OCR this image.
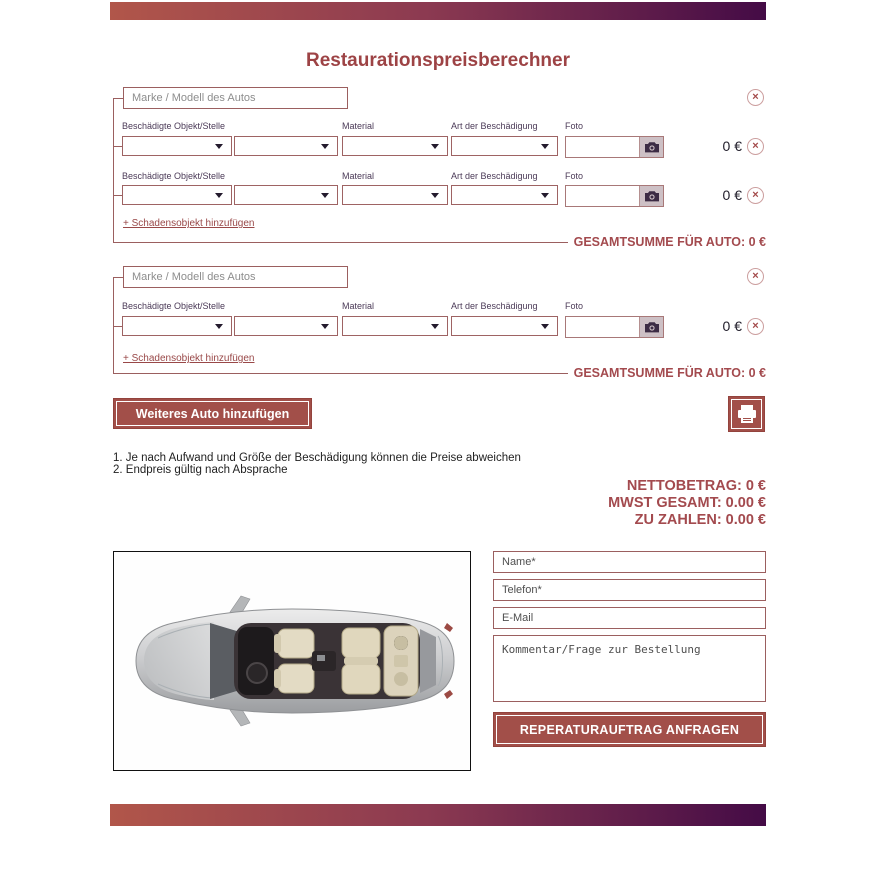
Restaurationspreisberechner
Marke / Modell des Autos
×
Beschädigte Objekt/Stelle	Material	Art der Beschädigung	Foto
0 € ×
Beschädigte Objekt/Stelle	Material	Art der Beschädigung	Foto
0 € ×
+ Schadensobjekt hinzufügen
GESAMTSUMME FÜR AUTO: 0 €
Marke / Modell des Autos
×
Beschädigte Objekt/Stelle	Material	Art der Beschädigung	Foto
0 € ×
+ Schadensobjekt hinzufügen
GESAMTSUMME FÜR AUTO: 0 €
Weiteres Auto hinzufügen
1. Je nach Aufwand und Größe der Beschädigung können die Preise abweichen
2. Endpreis gültig nach Absprache
NETTOBETRAG: 0 €
MWST GESAMT: 0.00 €
ZU ZAHLEN: 0.00 €
Name*
Telefon*
E-Mail
Kommentar/Frage zur Bestellung
REPERATURAUFTRAG ANFRAGEN
